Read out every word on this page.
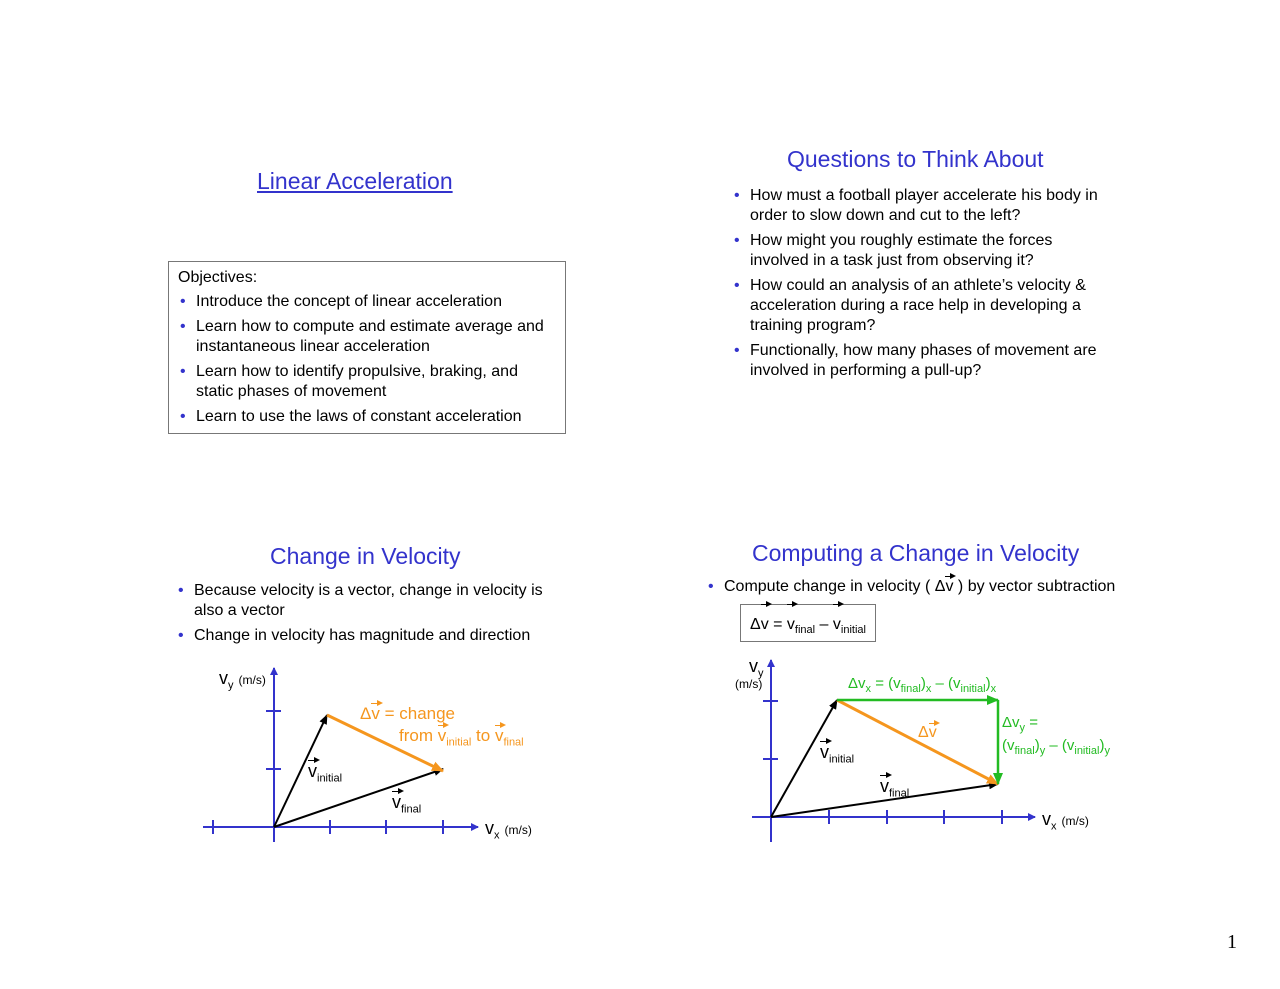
Linear Acceleration
Objectives:
• Introduce the concept of linear acceleration
• Learn how to compute and estimate average and instantaneous linear acceleration
• Learn how to identify propulsive, braking, and static phases of movement
• Learn to use the laws of constant acceleration
Questions to Think About
• How must a football player accelerate his body in order to slow down and cut to the left?
• How might you roughly estimate the forces involved in a task just from observing it?
• How could an analysis of an athlete’s velocity & acceleration during a race help in developing a training program?
• Functionally, how many phases of movement are involved in performing a pull-up?
Change in Velocity
• Because velocity is a vector, change in velocity is also a vector
• Change in velocity has magnitude and direction
$v_y$ (m/s)
$v_x$ (m/s)
$v_{initial}$
$v_{final}$
Δv = change
from $v_{initial}$ to $v_{final}$
Computing a Change in Velocity
• Compute change in velocity ( Δv ) by vector subtraction
$\Delta v = v_{final} - v_{initial}$
$v_y$
(m/s)
$v_x$ (m/s)
$v_{initial}$
$v_{final}$
Δv
$\Delta v_x = (v_{final})_x - (v_{initial})_x$
$\Delta v_y$ =
$(v_{final})_y - (v_{initial})_y$
1
